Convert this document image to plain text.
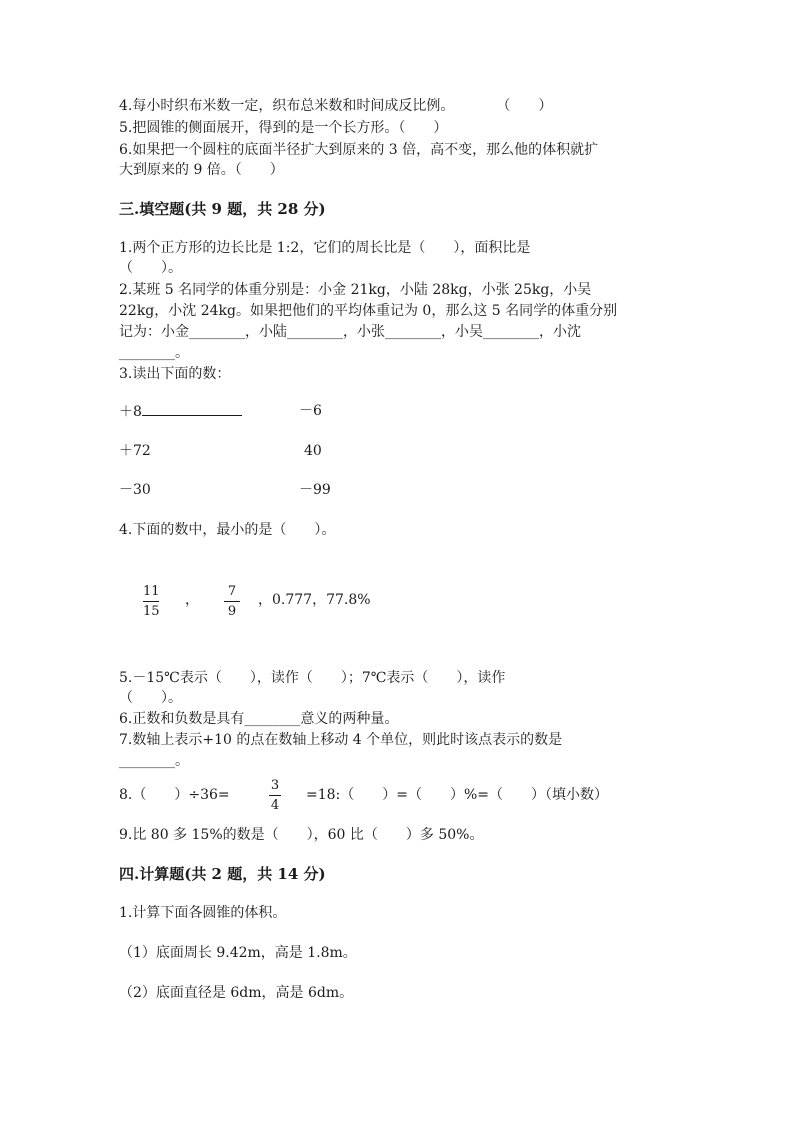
4.每小时织布米数一定，织布总米数和时间成反比例。　　　　（　　）
5.把圆锥的侧面展开，得到的是一个长方形。（　　）
6.如果把一个圆柱的底面半径扩大到原来的 3 倍，高不变，那么他的体积就扩
大到原来的 9 倍。（　　）
三.填空题(共 9 题，共 28 分)
1.两个正方形的边长比是 1:2，它们的周长比是（　　），面积比是
（　　）。
2.某班 5 名同学的体重分别是：小金 21kg，小陆 28kg，小张 25kg，小吴
22kg，小沈 24kg。如果把他们的平均体重记为 0，那么这 5 名同学的体重分别
记为：小金________，小陆________，小张________，小吴________，小沈
________。
3.读出下面的数：
＋8	－6
＋72	40
－30	－99
4.下面的数中，最小的是（　　）。
11
15
，
7
9
，0.777，77.8%
5.－15℃表示（　　），读作（　　）；7℃表示（　　），读作
（　　）。
6.正数和负数是具有________意义的两种量。
7.数轴上表示+10 的点在数轴上移动 4 个单位，则此时该点表示的数是
________。
8.（　　）÷36=
3
4
=18:（　　）=（　　）%=（　　）（填小数）
9.比 80 多 15%的数是（　　），60 比（　　）多 50%。
四.计算题(共 2 题，共 14 分)
1.计算下面各圆锥的体积。
（1）底面周长 9.42m，高是 1.8m。
（2）底面直径是 6dm，高是 6dm。
